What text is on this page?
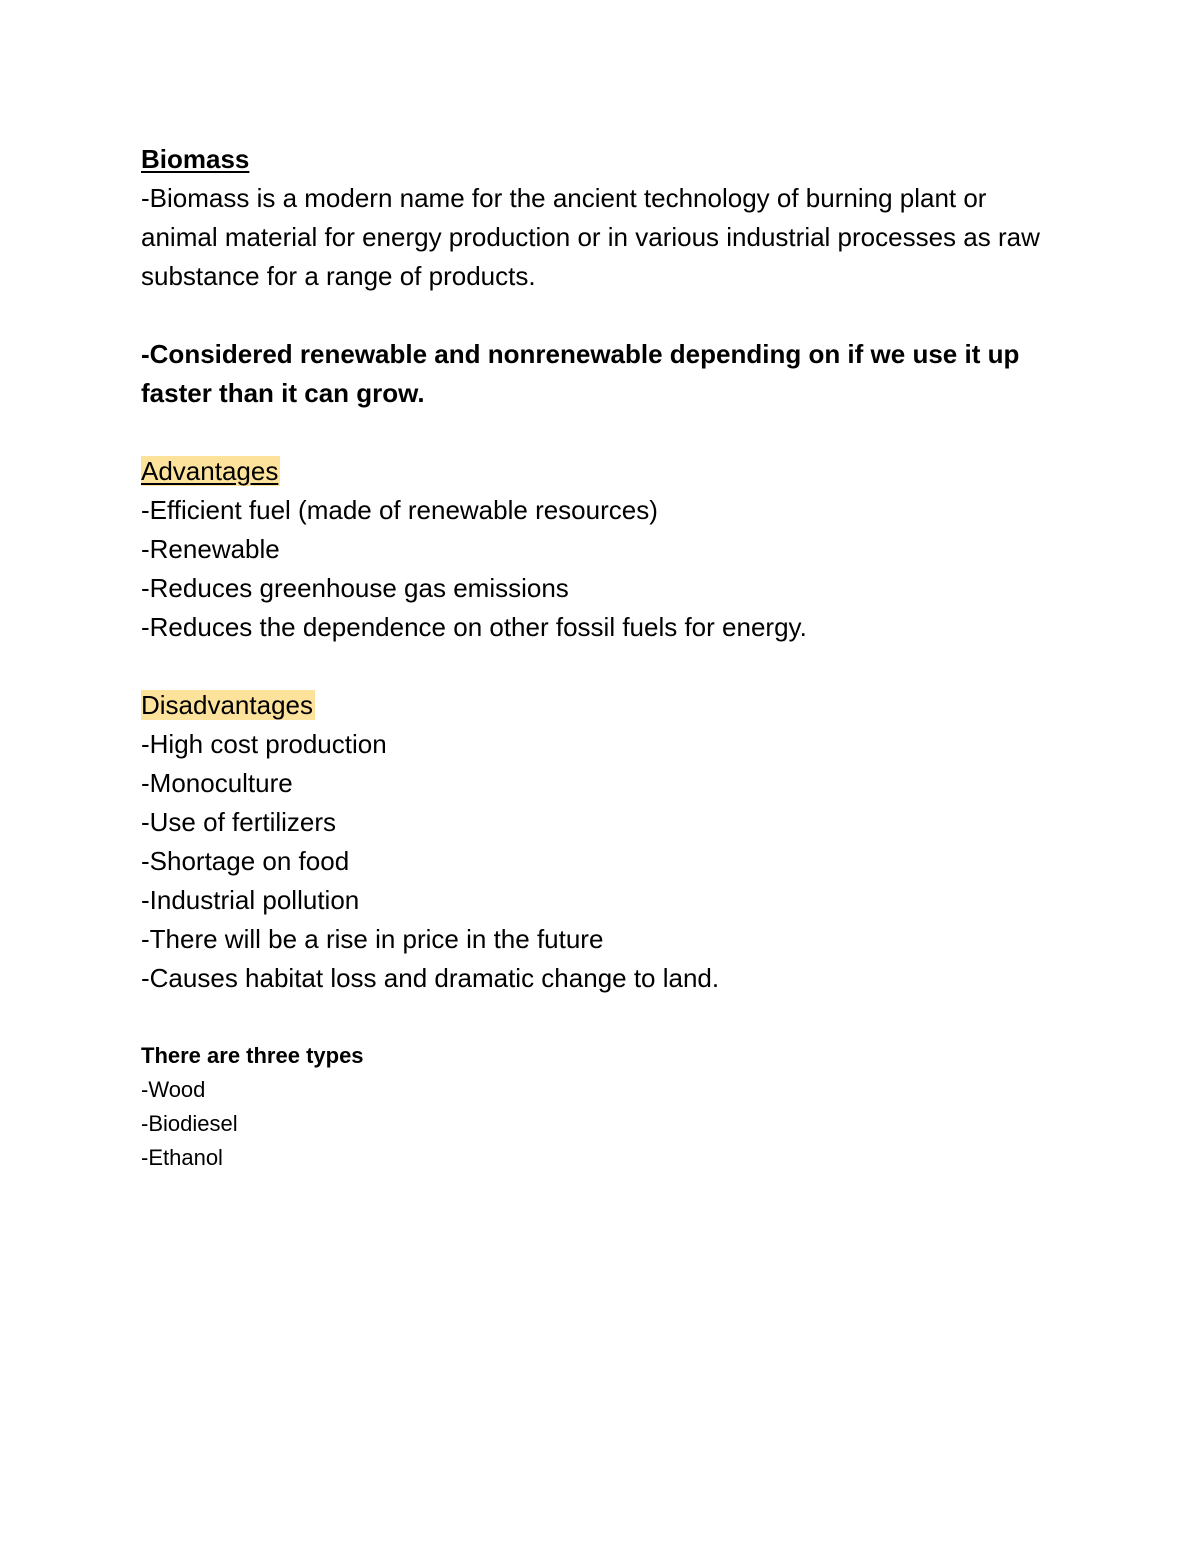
Biomass

-Biomass is a modern name for the ancient technology of burning plant or animal material for energy production or in various industrial processes as raw substance for a range of products.

-Considered renewable and nonrenewable depending on if we use it up faster than it can grow.

Advantages

-Efficient fuel (made of renewable resources)
-Renewable
-Reduces greenhouse gas emissions
-Reduces the dependence on other fossil fuels for energy.

Disadvantages

-High cost production
-Monoculture
-Use of fertilizers
-Shortage on food
-Industrial pollution
-There will be a rise in price in the future
-Causes habitat loss and dramatic change to land.

There are three types

-Wood
-Biodiesel
-Ethanol
